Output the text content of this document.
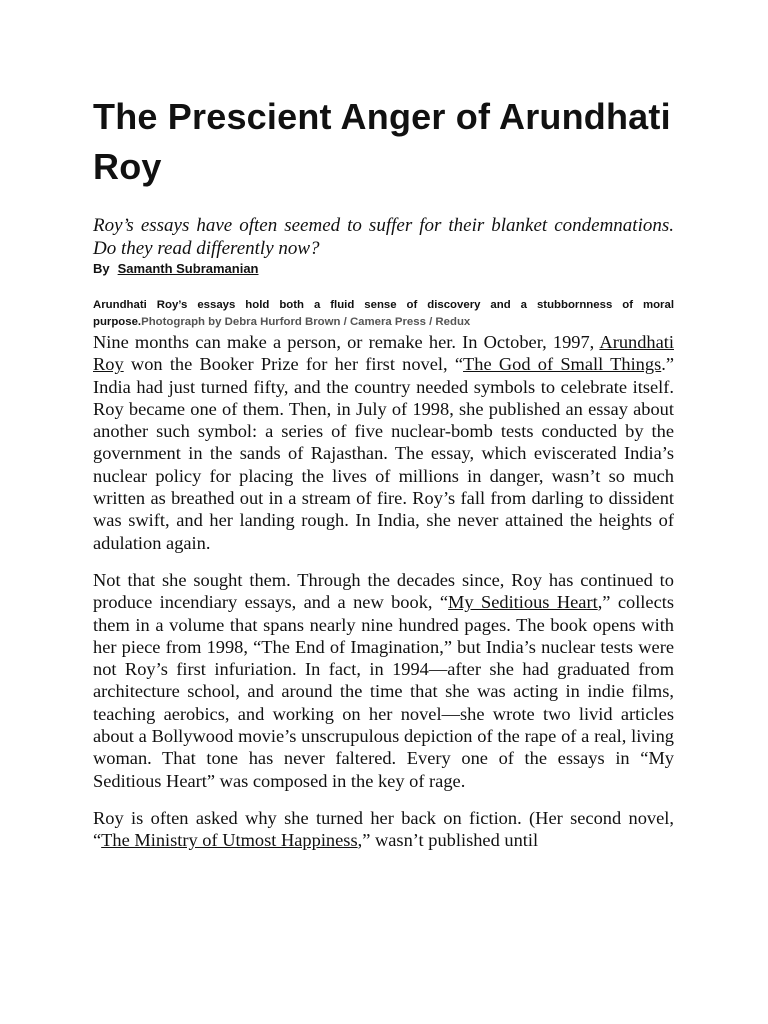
The Prescient Anger of Arundhati Roy

Roy’s essays have often seemed to suffer for their blanket condemnations. Do they read differently now?

By Samanth Subramanian

Arundhati Roy’s essays hold both a fluid sense of discovery and a stubbornness of moral purpose.Photograph by Debra Hurford Brown / Camera Press / Redux

Nine months can make a person, or remake her. In October, 1997, Arundhati Roy won the Booker Prize for her first novel, “The God of Small Things.” India had just turned fifty, and the country needed symbols to celebrate itself. Roy became one of them. Then, in July of 1998, she published an essay about another such symbol: a series of five nuclear-bomb tests conducted by the government in the sands of Rajasthan. The essay, which eviscerated India’s nuclear policy for placing the lives of millions in danger, wasn’t so much written as breathed out in a stream of fire. Roy’s fall from darling to dissident was swift, and her landing rough. In India, she never attained the heights of adulation again.

Not that she sought them. Through the decades since, Roy has continued to produce incendiary essays, and a new book, “My Seditious Heart,” collects them in a volume that spans nearly nine hundred pages. The book opens with her piece from 1998, “The End of Imagination,” but India’s nuclear tests were not Roy’s first infuriation. In fact, in 1994—after she had graduated from architecture school, and around the time that she was acting in indie films, teaching aerobics, and working on her novel—she wrote two livid articles about a Bollywood movie’s unscrupulous depiction of the rape of a real, living woman. That tone has never faltered. Every one of the essays in “My Seditious Heart” was composed in the key of rage.

Roy is often asked why she turned her back on fiction. (Her second novel, “The Ministry of Utmost Happiness,” wasn’t published until
